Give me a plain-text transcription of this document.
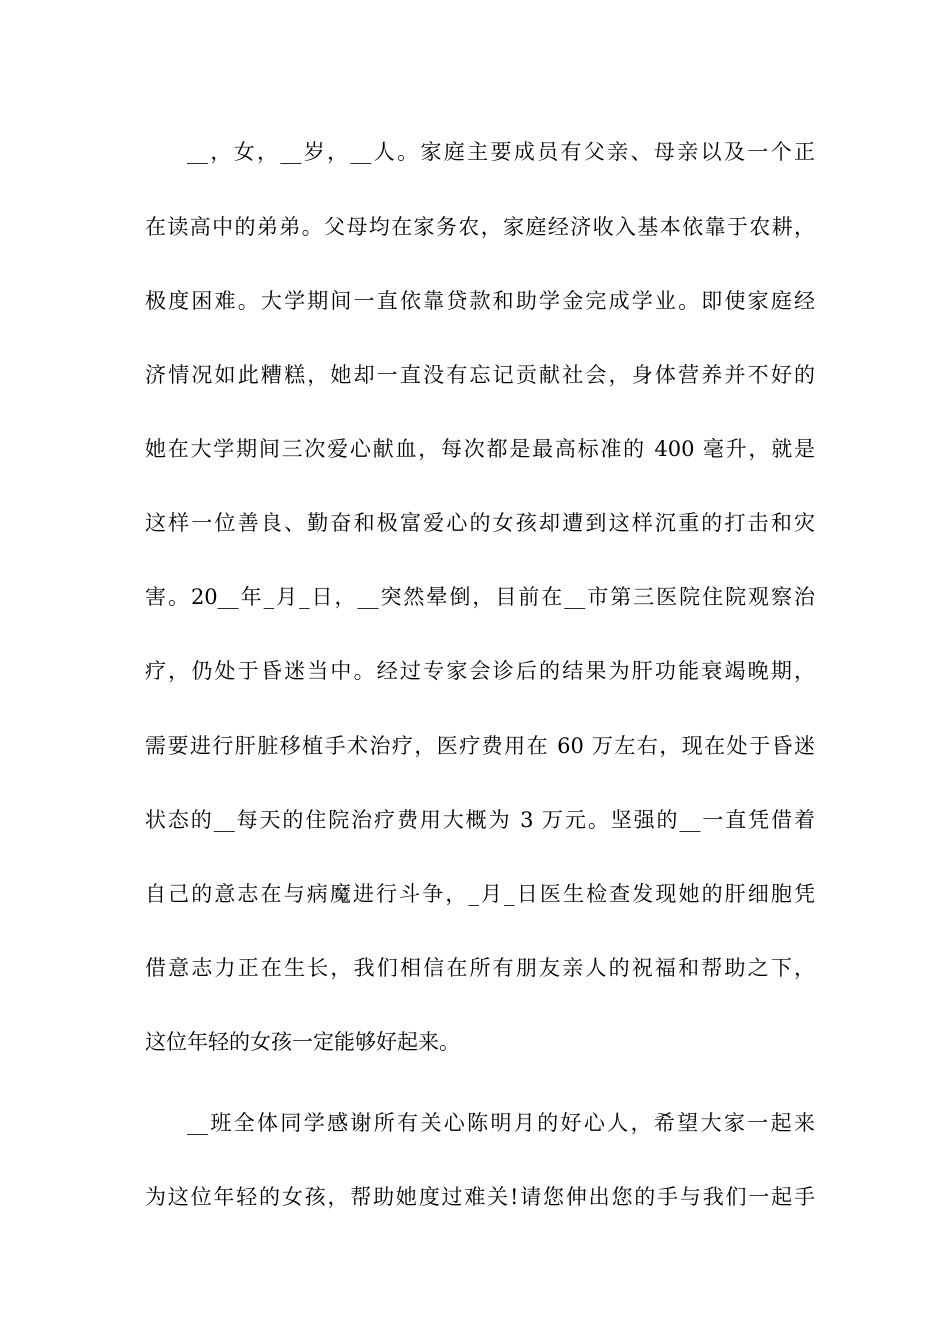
__，女，__岁，__人。家庭主要成员有父亲、母亲以及一个正
在读高中的弟弟。父母均在家务农，家庭经济收入基本依靠于农耕，
极度困难。大学期间一直依靠贷款和助学金完成学业。即使家庭经
济情况如此糟糕，她却一直没有忘记贡献社会，身体营养并不好的
她在大学期间三次爱心献血，每次都是最高标准的 400 毫升，就是
这样一位善良、勤奋和极富爱心的女孩却遭到这样沉重的打击和灾
害。20__年_月_日，__突然晕倒，目前在__市第三医院住院观察治
疗，仍处于昏迷当中。经过专家会诊后的结果为肝功能衰竭晚期，
需要进行肝脏移植手术治疗，医疗费用在 60 万左右，现在处于昏迷
状态的__每天的住院治疗费用大概为 3 万元。坚强的__一直凭借着
自己的意志在与病魔进行斗争，_月_日医生检查发现她的肝细胞凭
借意志力正在生长，我们相信在所有朋友亲人的祝福和帮助之下，
这位年轻的女孩一定能够好起来。
__班全体同学感谢所有关心陈明月的好心人，希望大家一起来
为这位年轻的女孩，帮助她度过难关!请您伸出您的手与我们一起手
